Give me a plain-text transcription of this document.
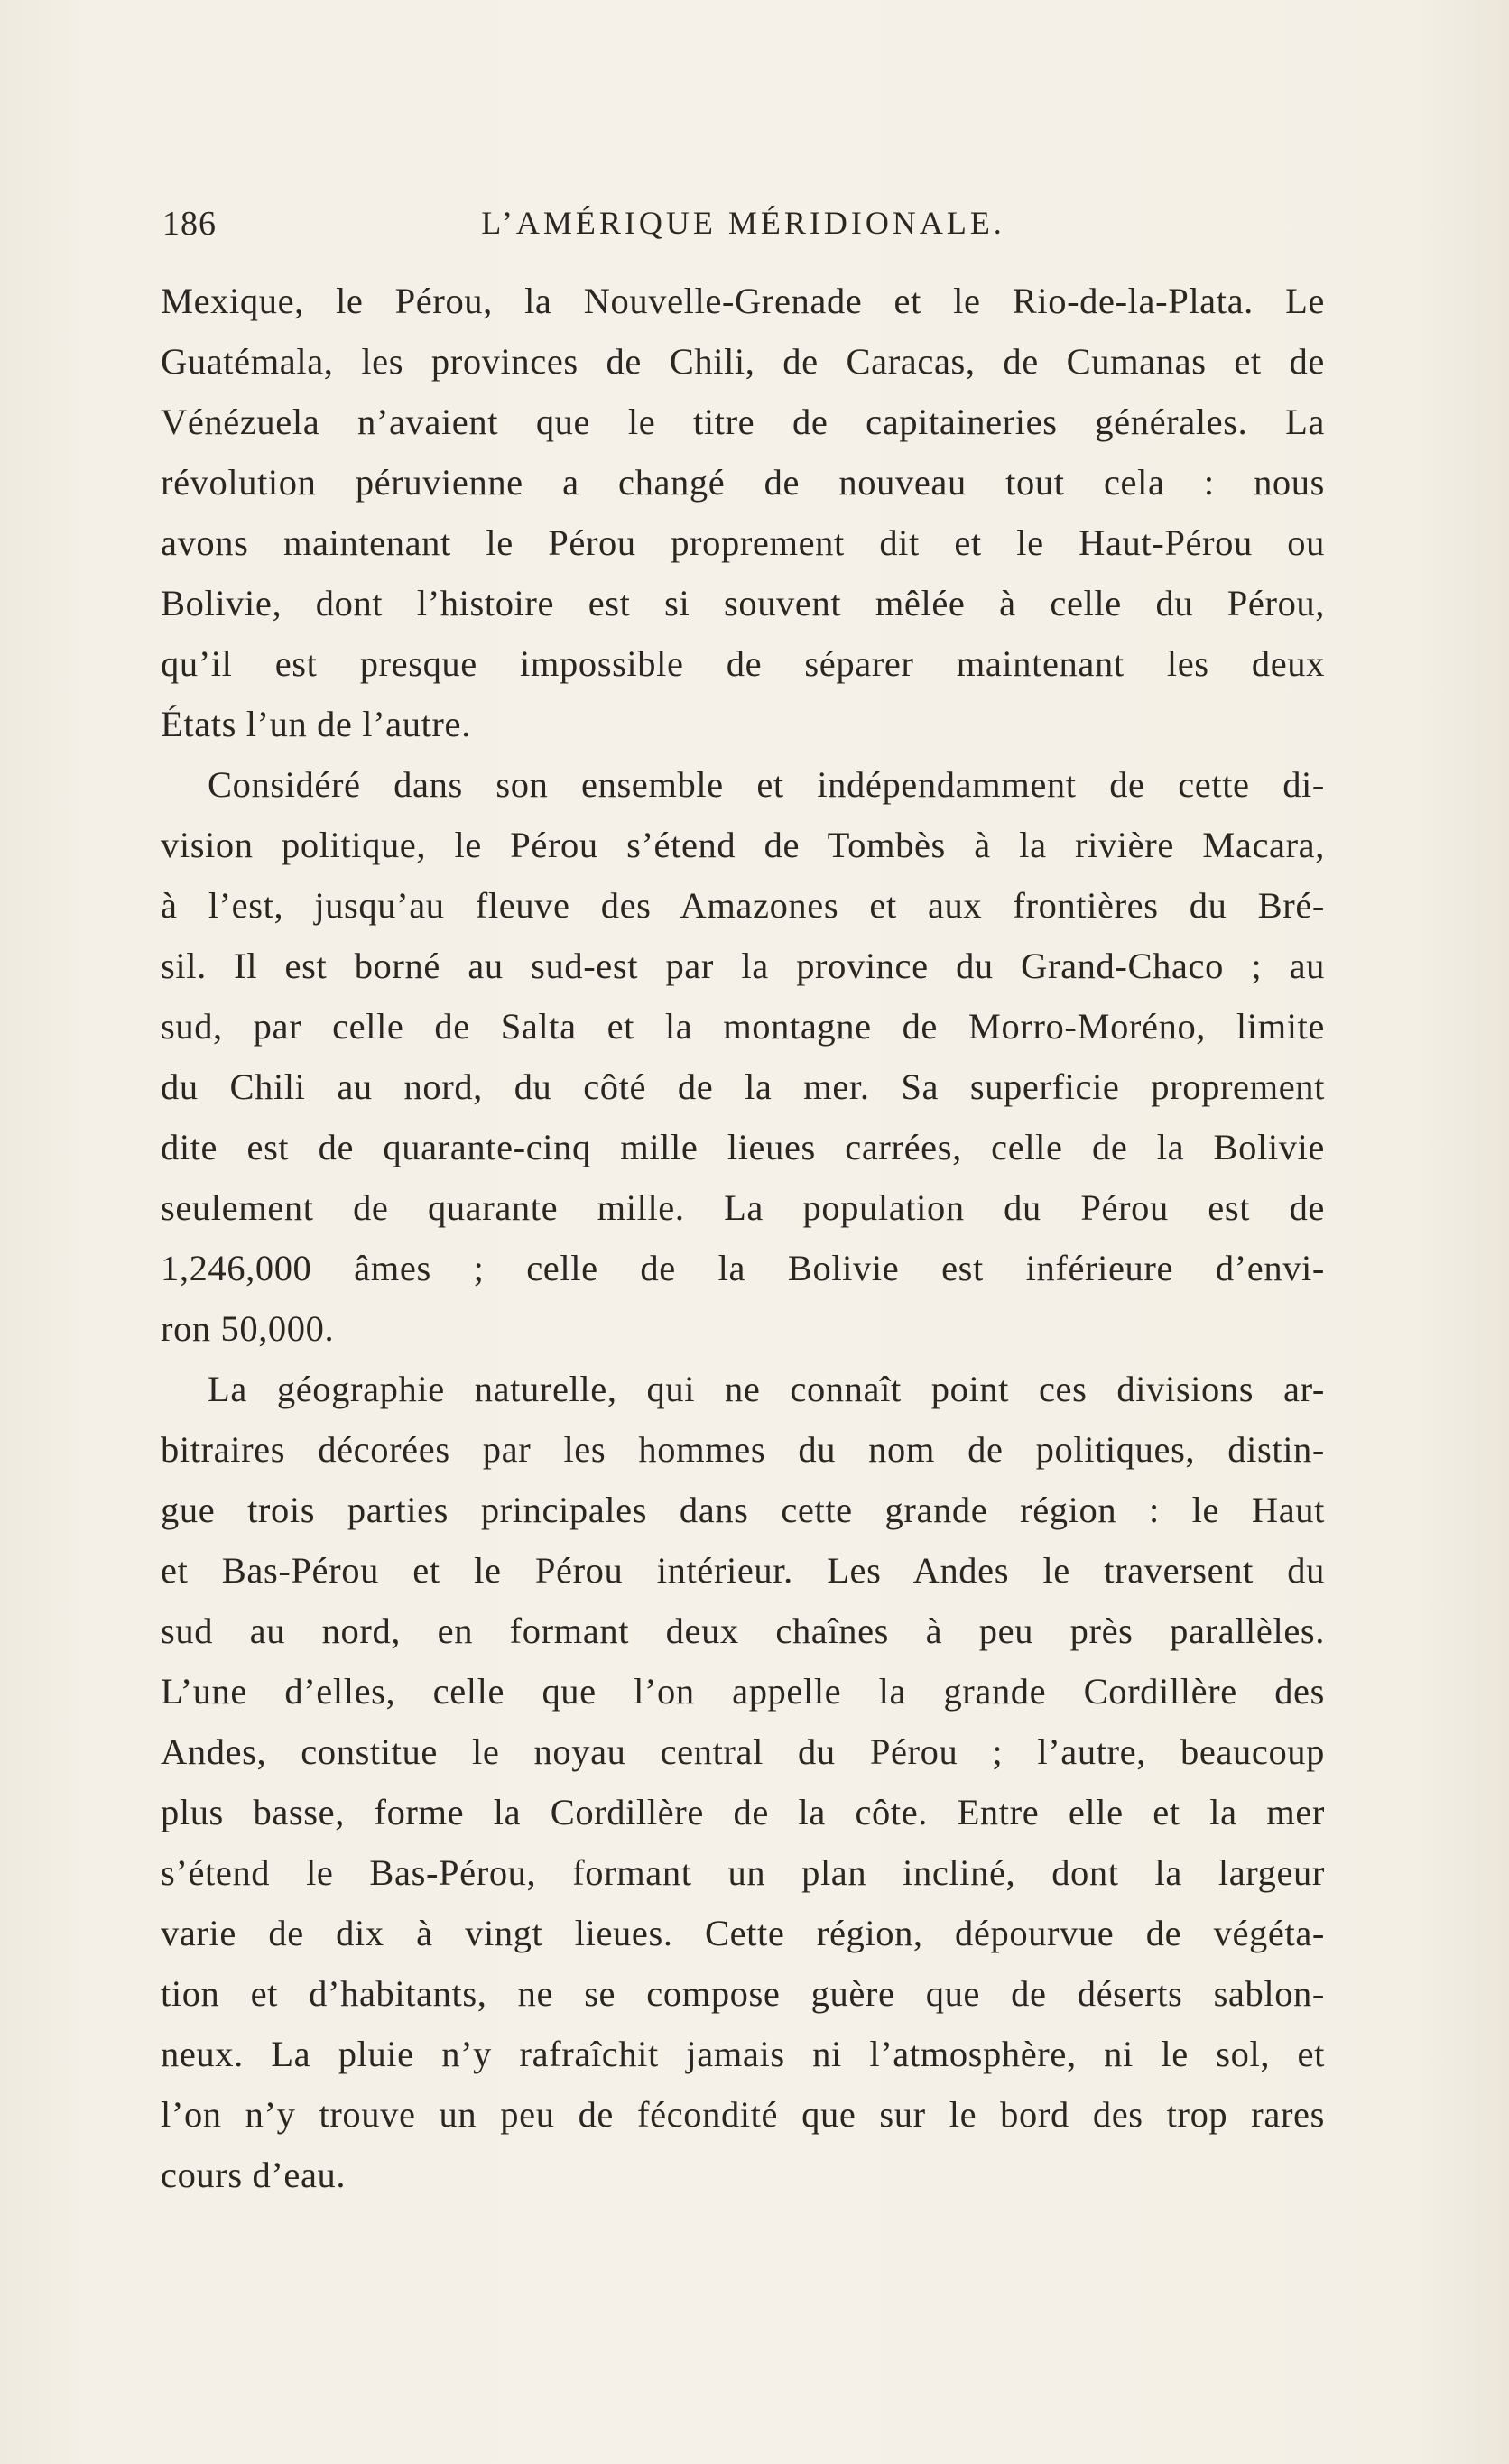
186	L’AMÉRIQUE MÉRIDIONALE.
Mexique, le Pérou, la Nouvelle-Grenade et le Rio-de-la-Plata. Le
Guatémala, les provinces de Chili, de Caracas, de Cumanas et de
Vénézuela n’avaient que le titre de capitaineries générales. La
révolution péruvienne a changé de nouveau tout cela : nous
avons maintenant le Pérou proprement dit et le Haut-Pérou ou
Bolivie, dont l’histoire est si souvent mêlée à celle du Pérou,
qu’il est presque impossible de séparer maintenant les deux
États l’un de l’autre.
Considéré dans son ensemble et indépendamment de cette di-
vision politique, le Pérou s’étend de Tombès à la rivière Macara,
à l’est, jusqu’au fleuve des Amazones et aux frontières du Bré-
sil. Il est borné au sud-est par la province du Grand-Chaco ; au
sud, par celle de Salta et la montagne de Morro-Moréno, limite
du Chili au nord, du côté de la mer. Sa superficie proprement
dite est de quarante-cinq mille lieues carrées, celle de la Bolivie
seulement de quarante mille. La population du Pérou est de
1,246,000 âmes ; celle de la Bolivie est inférieure d’envi-
ron 50,000.
La géographie naturelle, qui ne connaît point ces divisions ar-
bitraires décorées par les hommes du nom de politiques, distin-
gue trois parties principales dans cette grande région : le Haut
et Bas-Pérou et le Pérou intérieur. Les Andes le traversent du
sud au nord, en formant deux chaînes à peu près parallèles.
L’une d’elles, celle que l’on appelle la grande Cordillère des
Andes, constitue le noyau central du Pérou ; l’autre, beaucoup
plus basse, forme la Cordillère de la côte. Entre elle et la mer
s’étend le Bas-Pérou, formant un plan incliné, dont la largeur
varie de dix à vingt lieues. Cette région, dépourvue de végéta-
tion et d’habitants, ne se compose guère que de déserts sablon-
neux. La pluie n’y rafraîchit jamais ni l’atmosphère, ni le sol, et
l’on n’y trouve un peu de fécondité que sur le bord des trop rares
cours d’eau.
